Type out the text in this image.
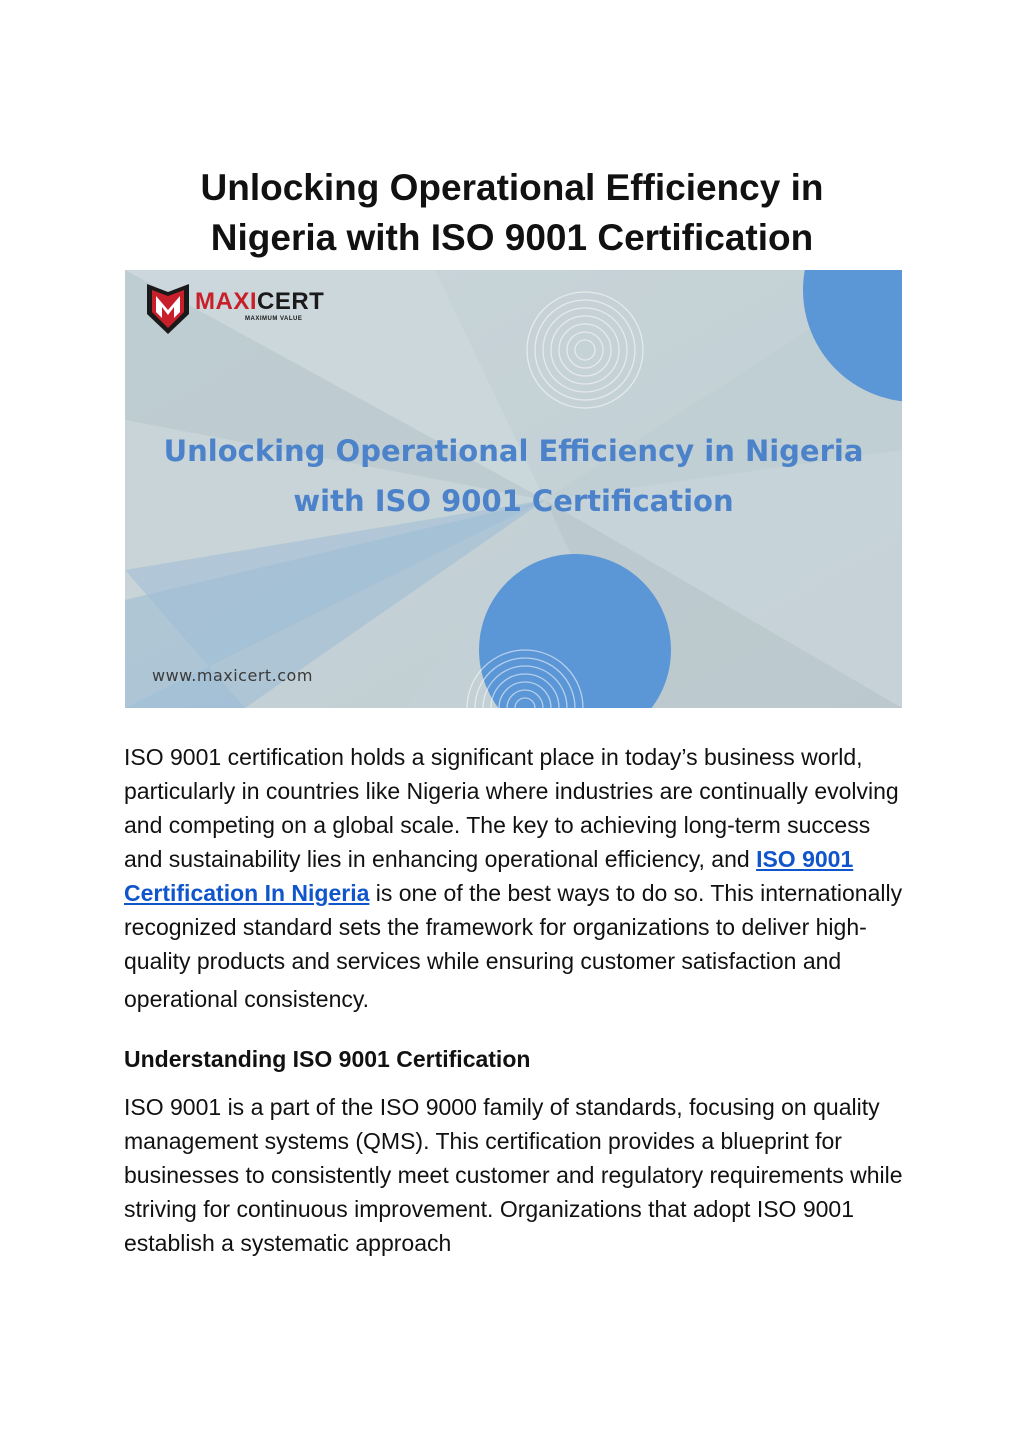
Unlocking Operational Efficiency in
Nigeria with ISO 9001 Certification
MAXICERT
MAXIMUM VALUE
Unlocking Operational Efficiency in Nigeria
with ISO 9001 Certification
www.maxicert.com

ISO 9001 certification holds a significant place in today’s business world, particularly in countries like Nigeria where industries are continually evolving and competing on a global scale. The key to achieving long-term success and sustainability lies in enhancing operational efficiency, and ISO 9001 Certification In Nigeria is one of the best ways to do so. This internationally recognized standard sets the framework for organizations to deliver high-quality products and services while ensuring customer satisfaction and
operational consistency.

Understanding ISO 9001 Certification

ISO 9001 is a part of the ISO 9000 family of standards, focusing on quality management systems (QMS). This certification provides a blueprint for businesses to consistently meet customer and regulatory requirements while striving for continuous improvement. Organizations that adopt ISO 9001 establish a systematic approach
